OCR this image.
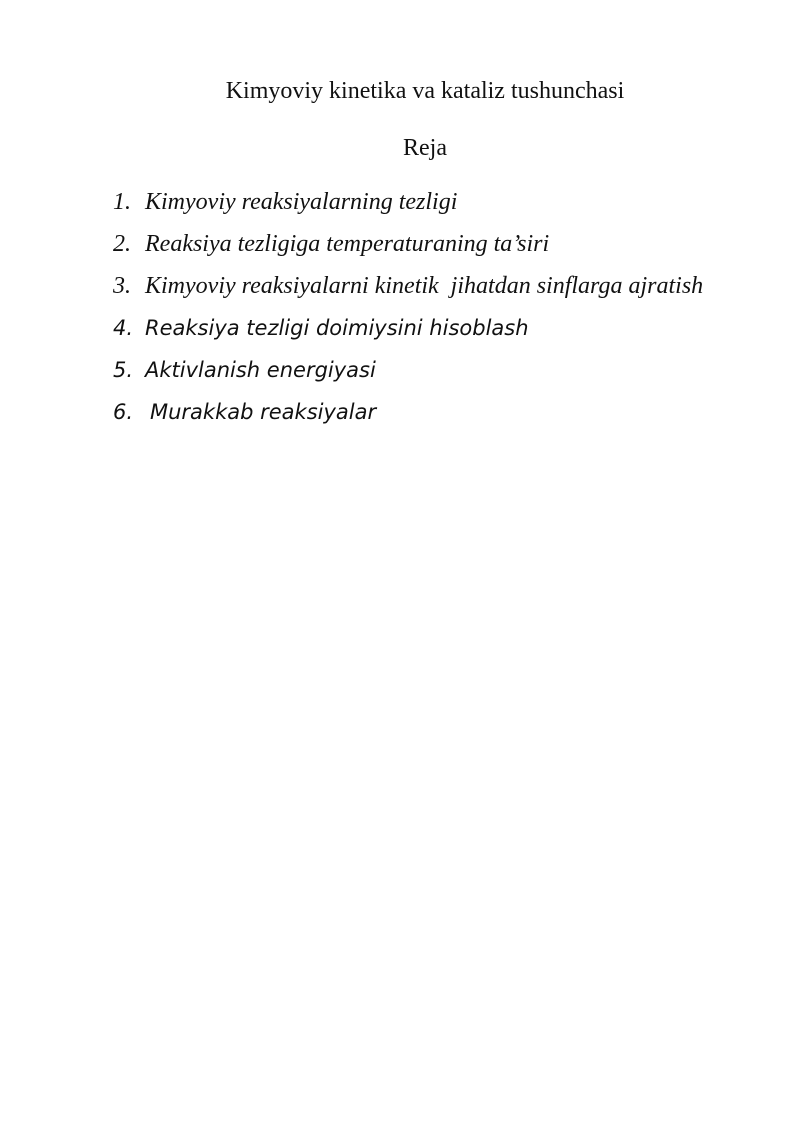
Kimyoviy kinetika va kataliz tushunchasi
Reja
1. Kimyoviy reaksiyalarning tezligi
2. Reaksiya tezligiga temperaturaning ta’siri
3. Kimyoviy reaksiyalarni kinetik  jihatdan sinflarga ajratish
4. Reaksiya tezligi doimiysini hisoblash
5. Aktivlanish energiyasi
6. Murakkab reaksiyalar
